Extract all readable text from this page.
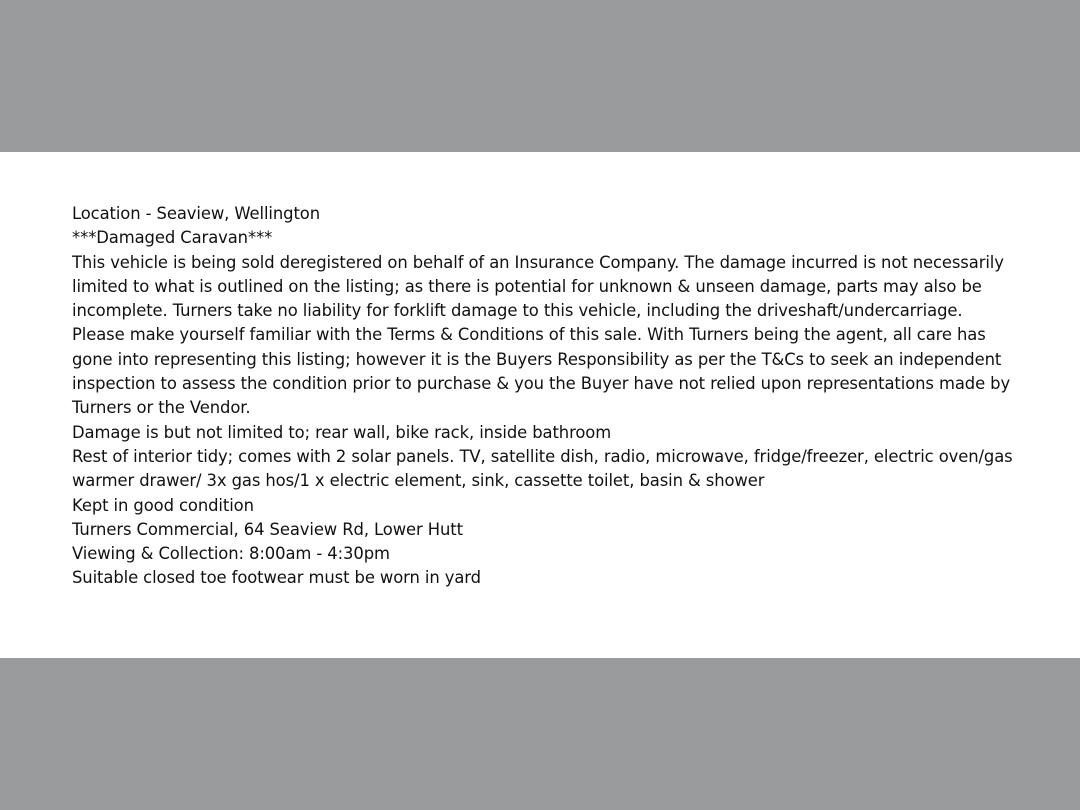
Location - Seaview, Wellington
***Damaged Caravan***
This vehicle is being sold deregistered on behalf of an Insurance Company. The damage incurred is not necessarily
limited to what is outlined on the listing; as there is potential for unknown & unseen damage, parts may also be
incomplete. Turners take no liability for forklift damage to this vehicle, including the driveshaft/undercarriage.
Please make yourself familiar with the Terms & Conditions of this sale. With Turners being the agent, all care has
gone into representing this listing; however it is the Buyers Responsibility as per the T&Cs to seek an independent
inspection to assess the condition prior to purchase & you the Buyer have not relied upon representations made by
Turners or the Vendor.
Damage is but not limited to; rear wall, bike rack, inside bathroom
Rest of interior tidy; comes with 2 solar panels. TV, satellite dish, radio, microwave, fridge/freezer, electric oven/gas
warmer drawer/ 3x gas hos/1 x electric element, sink, cassette toilet, basin & shower
Kept in good condition
Turners Commercial, 64 Seaview Rd, Lower Hutt
Viewing & Collection: 8:00am - 4:30pm
Suitable closed toe footwear must be worn in yard
